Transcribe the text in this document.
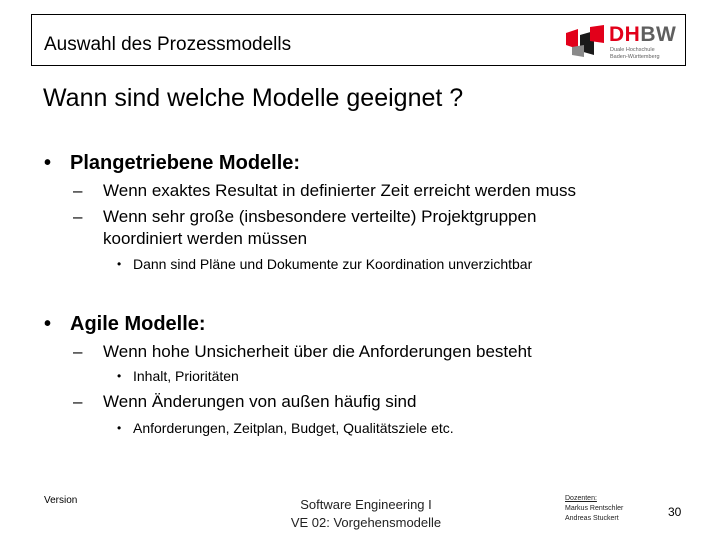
Auswahl des Prozessmodells	DHBW
Duale Hochschule
Baden-Württemberg
Wann sind welche Modelle geeignet ?
• Plangetriebene Modelle:
– Wenn exaktes Resultat in definierter Zeit erreicht werden muss
– Wenn sehr große (insbesondere verteilte) Projektgruppen
koordiniert werden müssen
• Dann sind Pläne und Dokumente zur Koordination unverzichtbar
• Agile Modelle:
– Wenn hohe Unsicherheit über die Anforderungen besteht
• Inhalt, Prioritäten
– Wenn Änderungen von außen häufig sind
• Anforderungen, Zeitplan, Budget, Qualitätsziele etc.
Version	Software Engineering I
VE 02: Vorgehensmodelle
Dozenten:
Markus Rentschler
Andreas Stuckert	30
